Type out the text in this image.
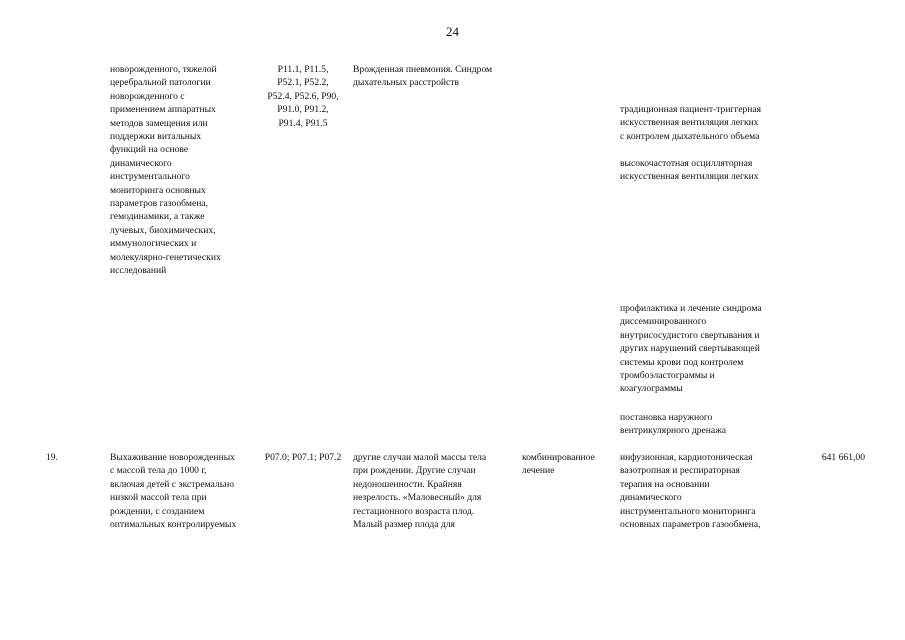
24
новорожденного, тяжелой
церебральной патологии
новорожденного с
применением аппаратных
методов замещения или
поддержки витальных
функций на основе
динамического
инструментального
мониторинга основных
параметров газообмена,
гемодинамики, а также
лучевых, биохимических,
иммунологических и
молекулярно-генетических
исследований
P11.1, P11.5,
P52.1, P52.2,
P52.4, P52.6, P90,
P91.0, P91.2,
P91.4, P91.5
Врожденная пневмония. Синдром
дыхательных расстройств
традиционная пациент-триггерная
искусственная вентиляция легких
с контролем дыхательного объема
высокочастотная осцилляторная
искусственная вентиляция легких
профилактика и лечение синдрома
диссеминированного
внутрисосудистого свертывания и
других нарушений свертывающей
системы крови под контролем
тромбоэластограммы и
коагулограммы
постановка наружного
вентрикулярного дренажа
19.	Выхаживание новорожденных
с массой тела до 1000 г,
включая детей с экстремально
низкой массой тела при
рождении, с созданием
оптимальных контролируемых
P07.0; P07.1; P07.2	другие случаи малой массы тела
при рождении. Другие случаи
недоношенности. Крайняя
незрелость. «Маловесный» для
гестационного возраста плод.
Малый размер плода для
комбинированное
лечение
инфузионная, кардиотоническая
вазотропная и респираторная
терапия на основании
динамического
инструментального мониторинга
основных параметров газообмена,
641 661,00
